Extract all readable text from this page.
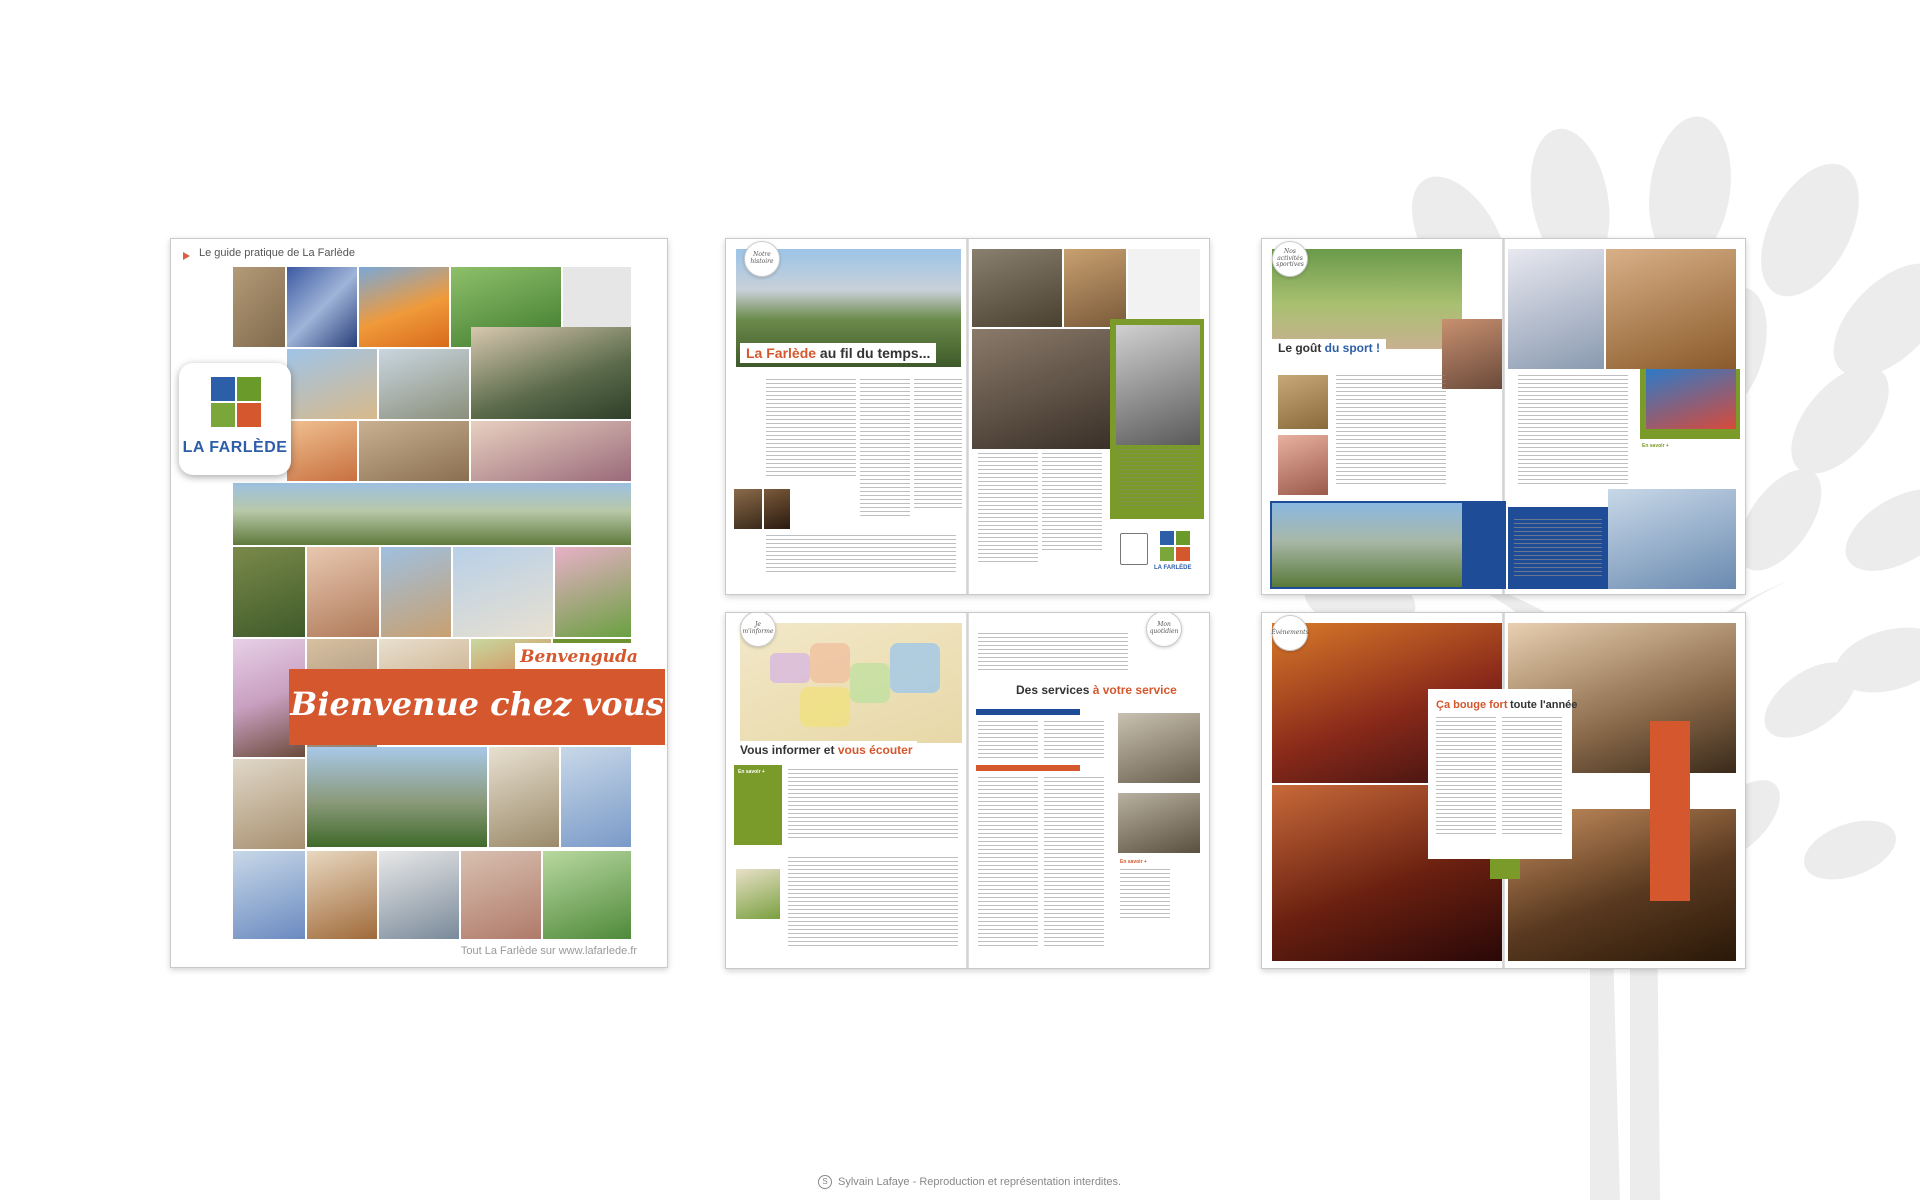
Le guide pratique de La Farlède
LA FARLÈDE
Bienvenue chez vous
Benvenguda
Tout La Farlède sur www.lafarlede.fr
Notre histoire
La Farlède au fil du temps...
LA FARLÈDE
Nos activités sportives
Le goût du sport !
En savoir +
Vous informer et vous écouter
En savoir +
Je m'informe
Mon quotidien
Des services à votre service
En savoir +
Événements
Ça bouge fort toute l'année
S Sylvain Lafaye - Reproduction et représentation interdites.
